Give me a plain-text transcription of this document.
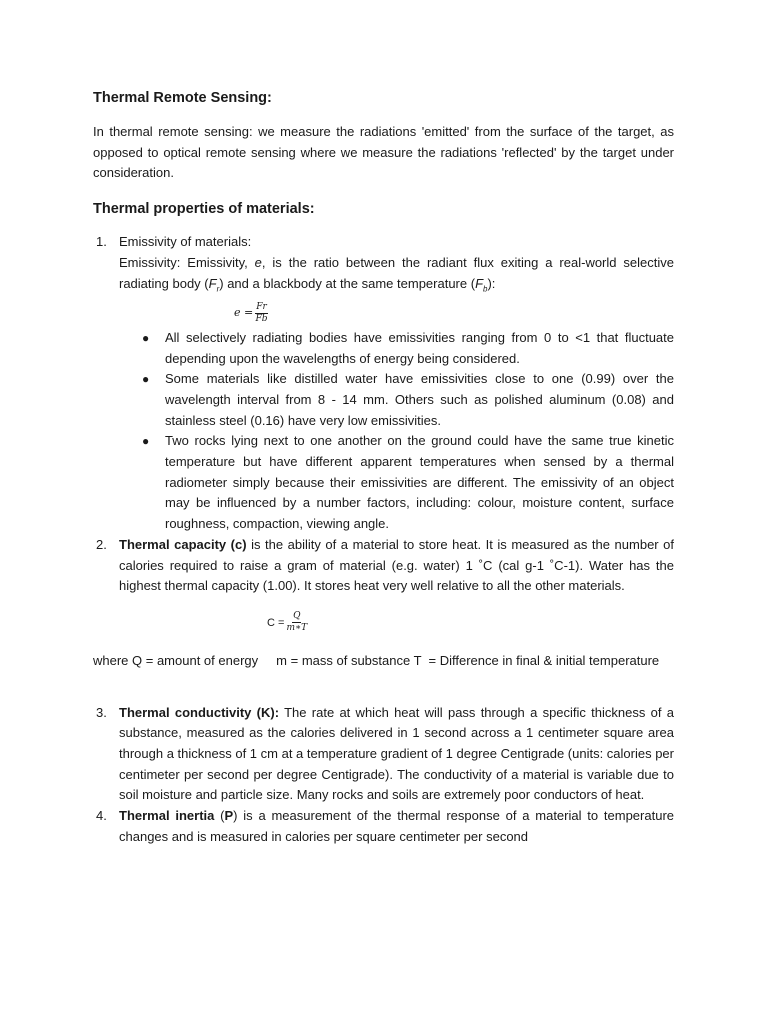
Thermal Remote Sensing:

In thermal remote sensing: we measure the radiations 'emitted' from the surface of the target, as opposed to optical remote sensing where we measure the radiations 'reflected' by the target under consideration.

Thermal properties of materials:
1. Emissivity of materials:

Emissivity: Emissivity, e, is the ratio between the radiant flux exiting a real-world selective radiating body $(F_r)$ and a blackbody at the same temperature $(F_b)$:

$e = \frac{Fr}{Fb}$
● All selectively radiating bodies have emissivities ranging from 0 to <1 that fluctuate depending upon the wavelengths of energy being considered.
● Some materials like distilled water have emissivities close to one (0.99) over the wavelength interval from 8 - 14 mm. Others such as polished aluminum (0.08) and stainless steel (0.16) have very low emissivities.
● Two rocks lying next to one another on the ground could have the same true kinetic temperature but have different apparent temperatures when sensed by a thermal radiometer simply because their emissivities are different. The emissivity of an object may be influenced by a number factors, including: colour, moisture content, surface roughness, compaction, viewing angle.
2. Thermal capacity (c) is the ability of a material to store heat. It is measured as the number of calories required to raise a gram of material (e.g. water) 1 ˚C (cal g-1 ˚C-1). Water has the highest thermal capacity (1.00). It stores heat very well relative to all the other materials.

$C = \frac{Q}{m∗T}$

where Q = amount of energy     m = mass of substance T  = Difference in final & initial temperature

3. Thermal conductivity (K): The rate at which heat will pass through a specific thickness of a substance, measured as the calories delivered in 1 second across a 1 centimeter square area through a thickness of 1 cm at a temperature gradient of 1 degree Centigrade (units: calories per centimeter per second per degree Centigrade). The conductivity of a material is variable due to soil moisture and particle size. Many rocks and soils are extremely poor conductors of heat.

4. Thermal inertia (P) is a measurement of the thermal response of a material to temperature changes and is measured in calories per square centimeter per second
